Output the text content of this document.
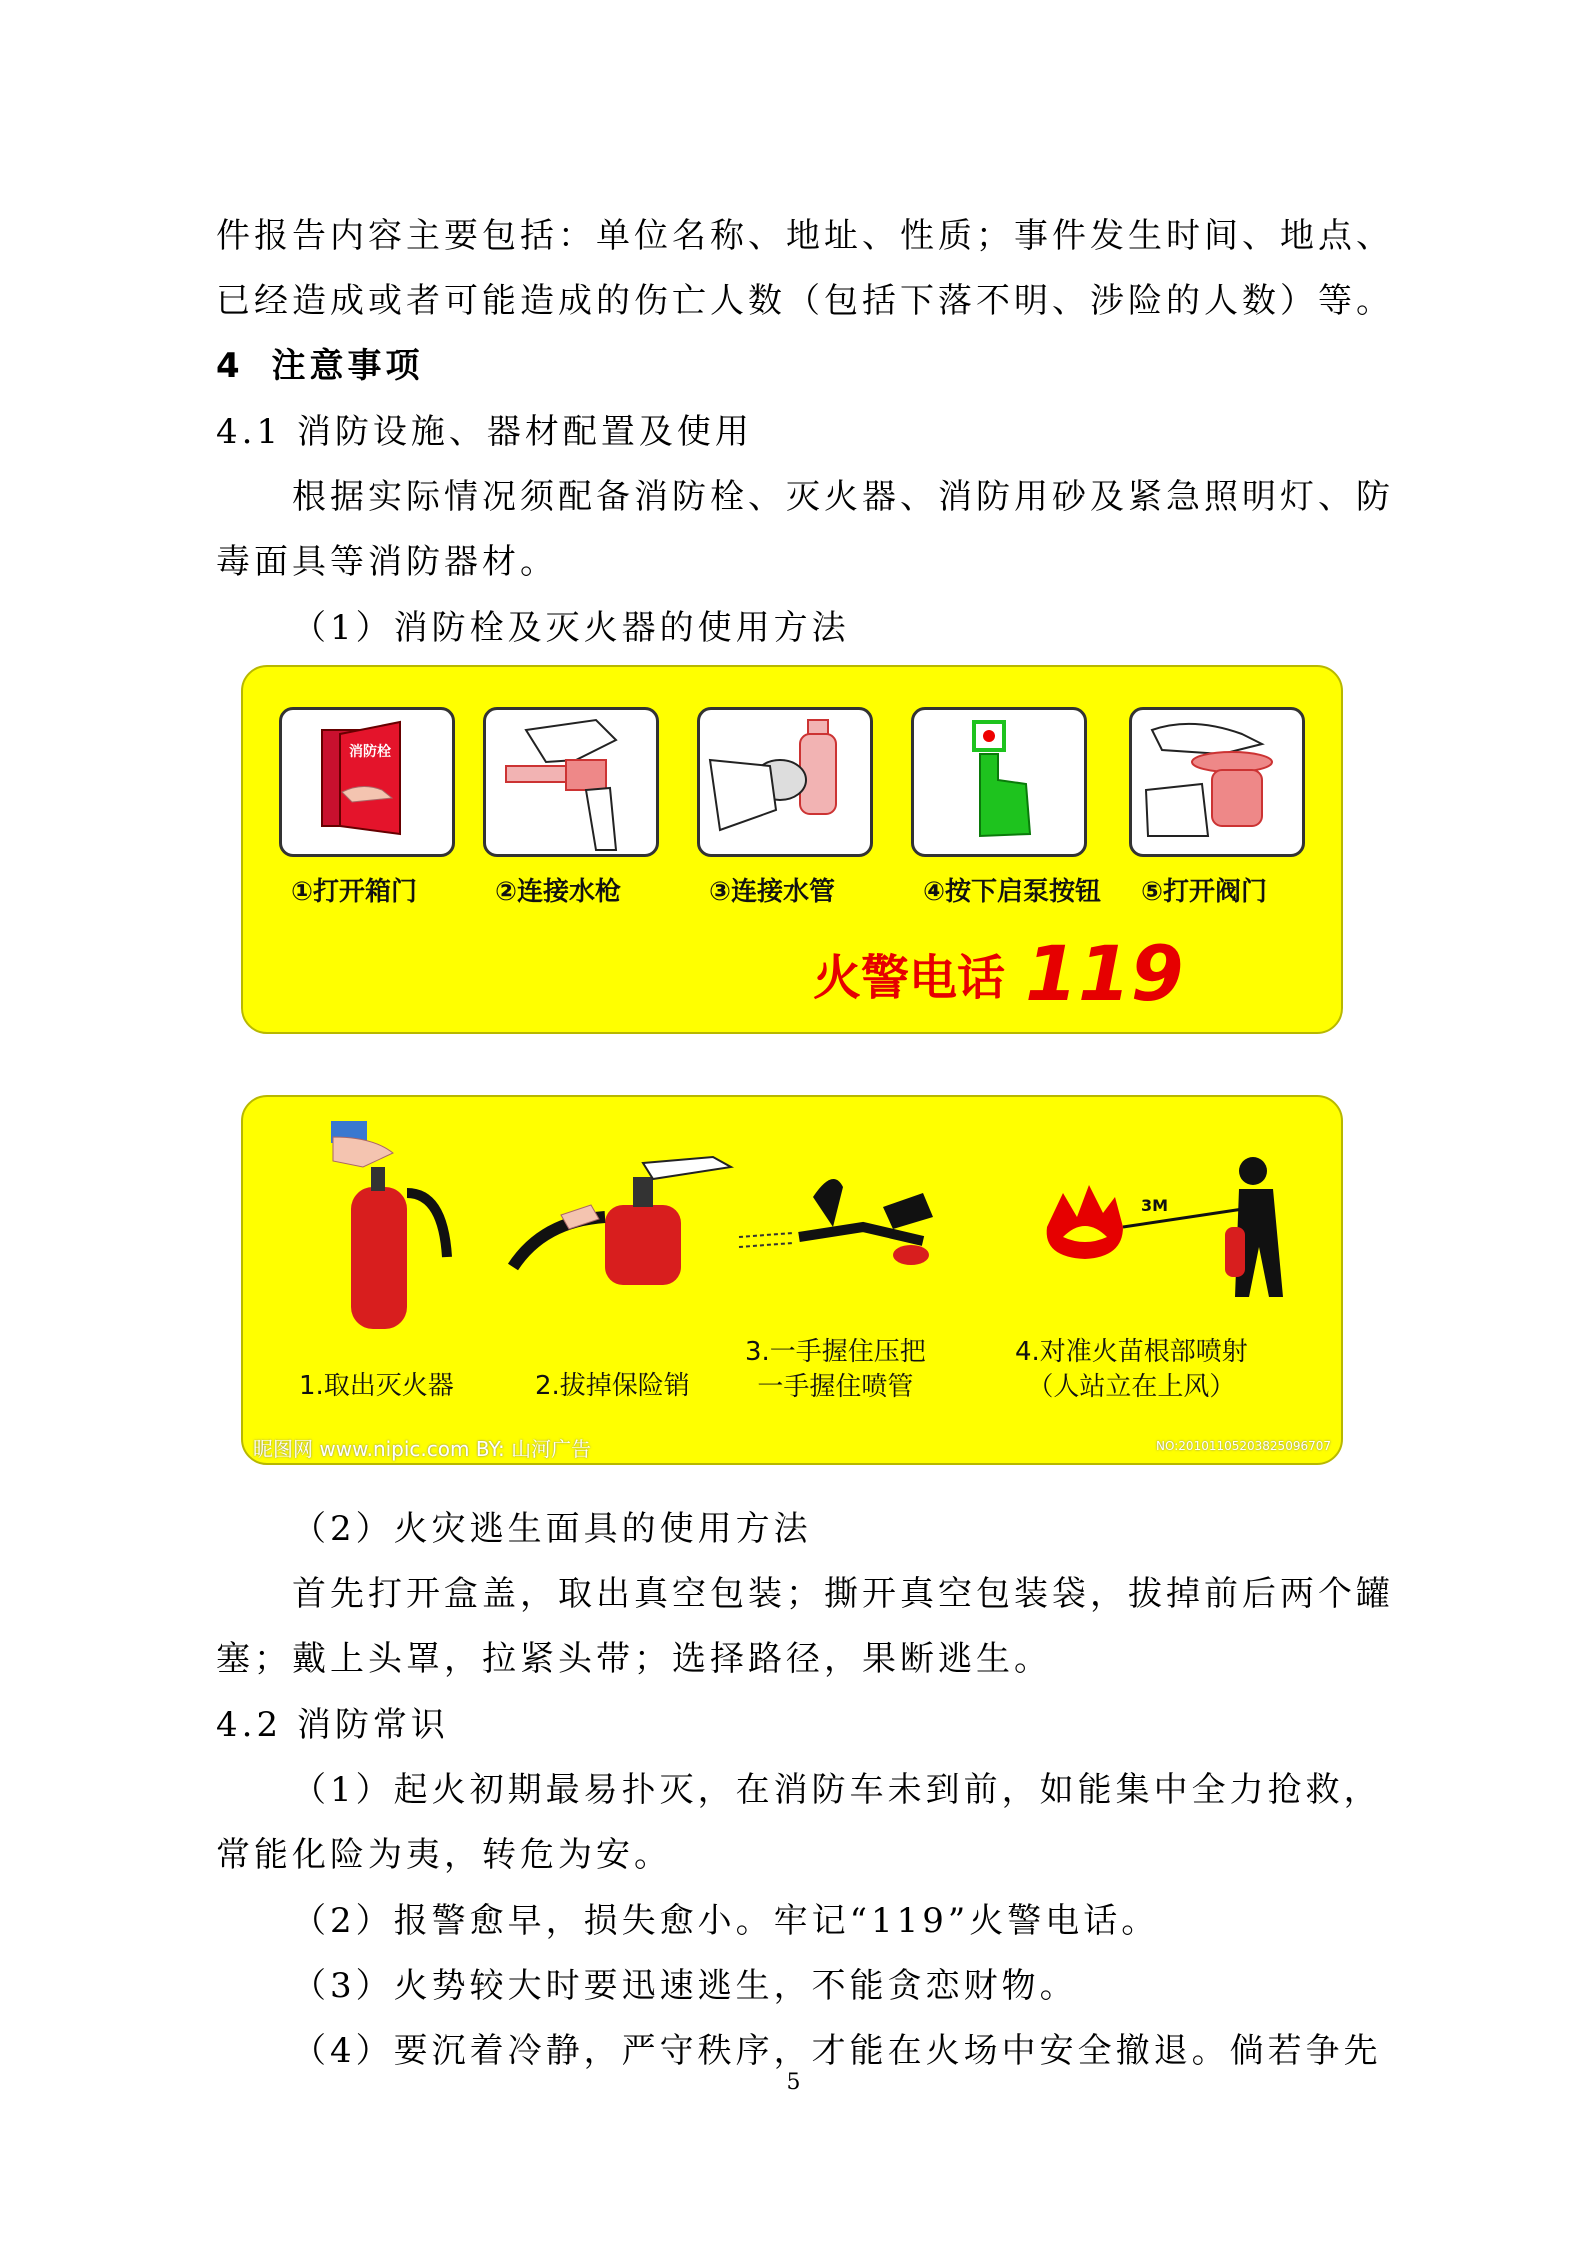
件报告内容主要包括：单位名称、地址、性质；事件发生时间、地点、
已经造成或者可能造成的伤亡人数（包括下落不明、涉险的人数）等。
4 注意事项
4.1 消防设施、器材配置及使用
根据实际情况须配备消防栓、灭火器、消防用砂及紧急照明灯、防
毒面具等消防器材。
（1）消防栓及灭火器的使用方法
消防栓
①打开箱门	②连接水枪	③连接水管	④按下启泵按钮	⑤打开阀门
火警电话 119
3M
1.取出灭火器	2.拔掉保险销
3.一手握住压把
一手握住喷管
4.对准火苗根部喷射
（人站立在上风）
昵图网 www.nipic.com BY: 山河广告	NO:20101105203825096707
（2）火灾逃生面具的使用方法
首先打开盒盖，取出真空包装；撕开真空包装袋，拔掉前后两个罐
塞；戴上头罩，拉紧头带；选择路径，果断逃生。
4.2 消防常识
（1）起火初期最易扑灭，在消防车未到前，如能集中全力抢救，
常能化险为夷，转危为安。
（2）报警愈早，损失愈小。牢记“119”火警电话。
（3）火势较大时要迅速逃生，不能贪恋财物。
（4）要沉着冷静，严守秩序，才能在火场中安全撤退。倘若争先
5
